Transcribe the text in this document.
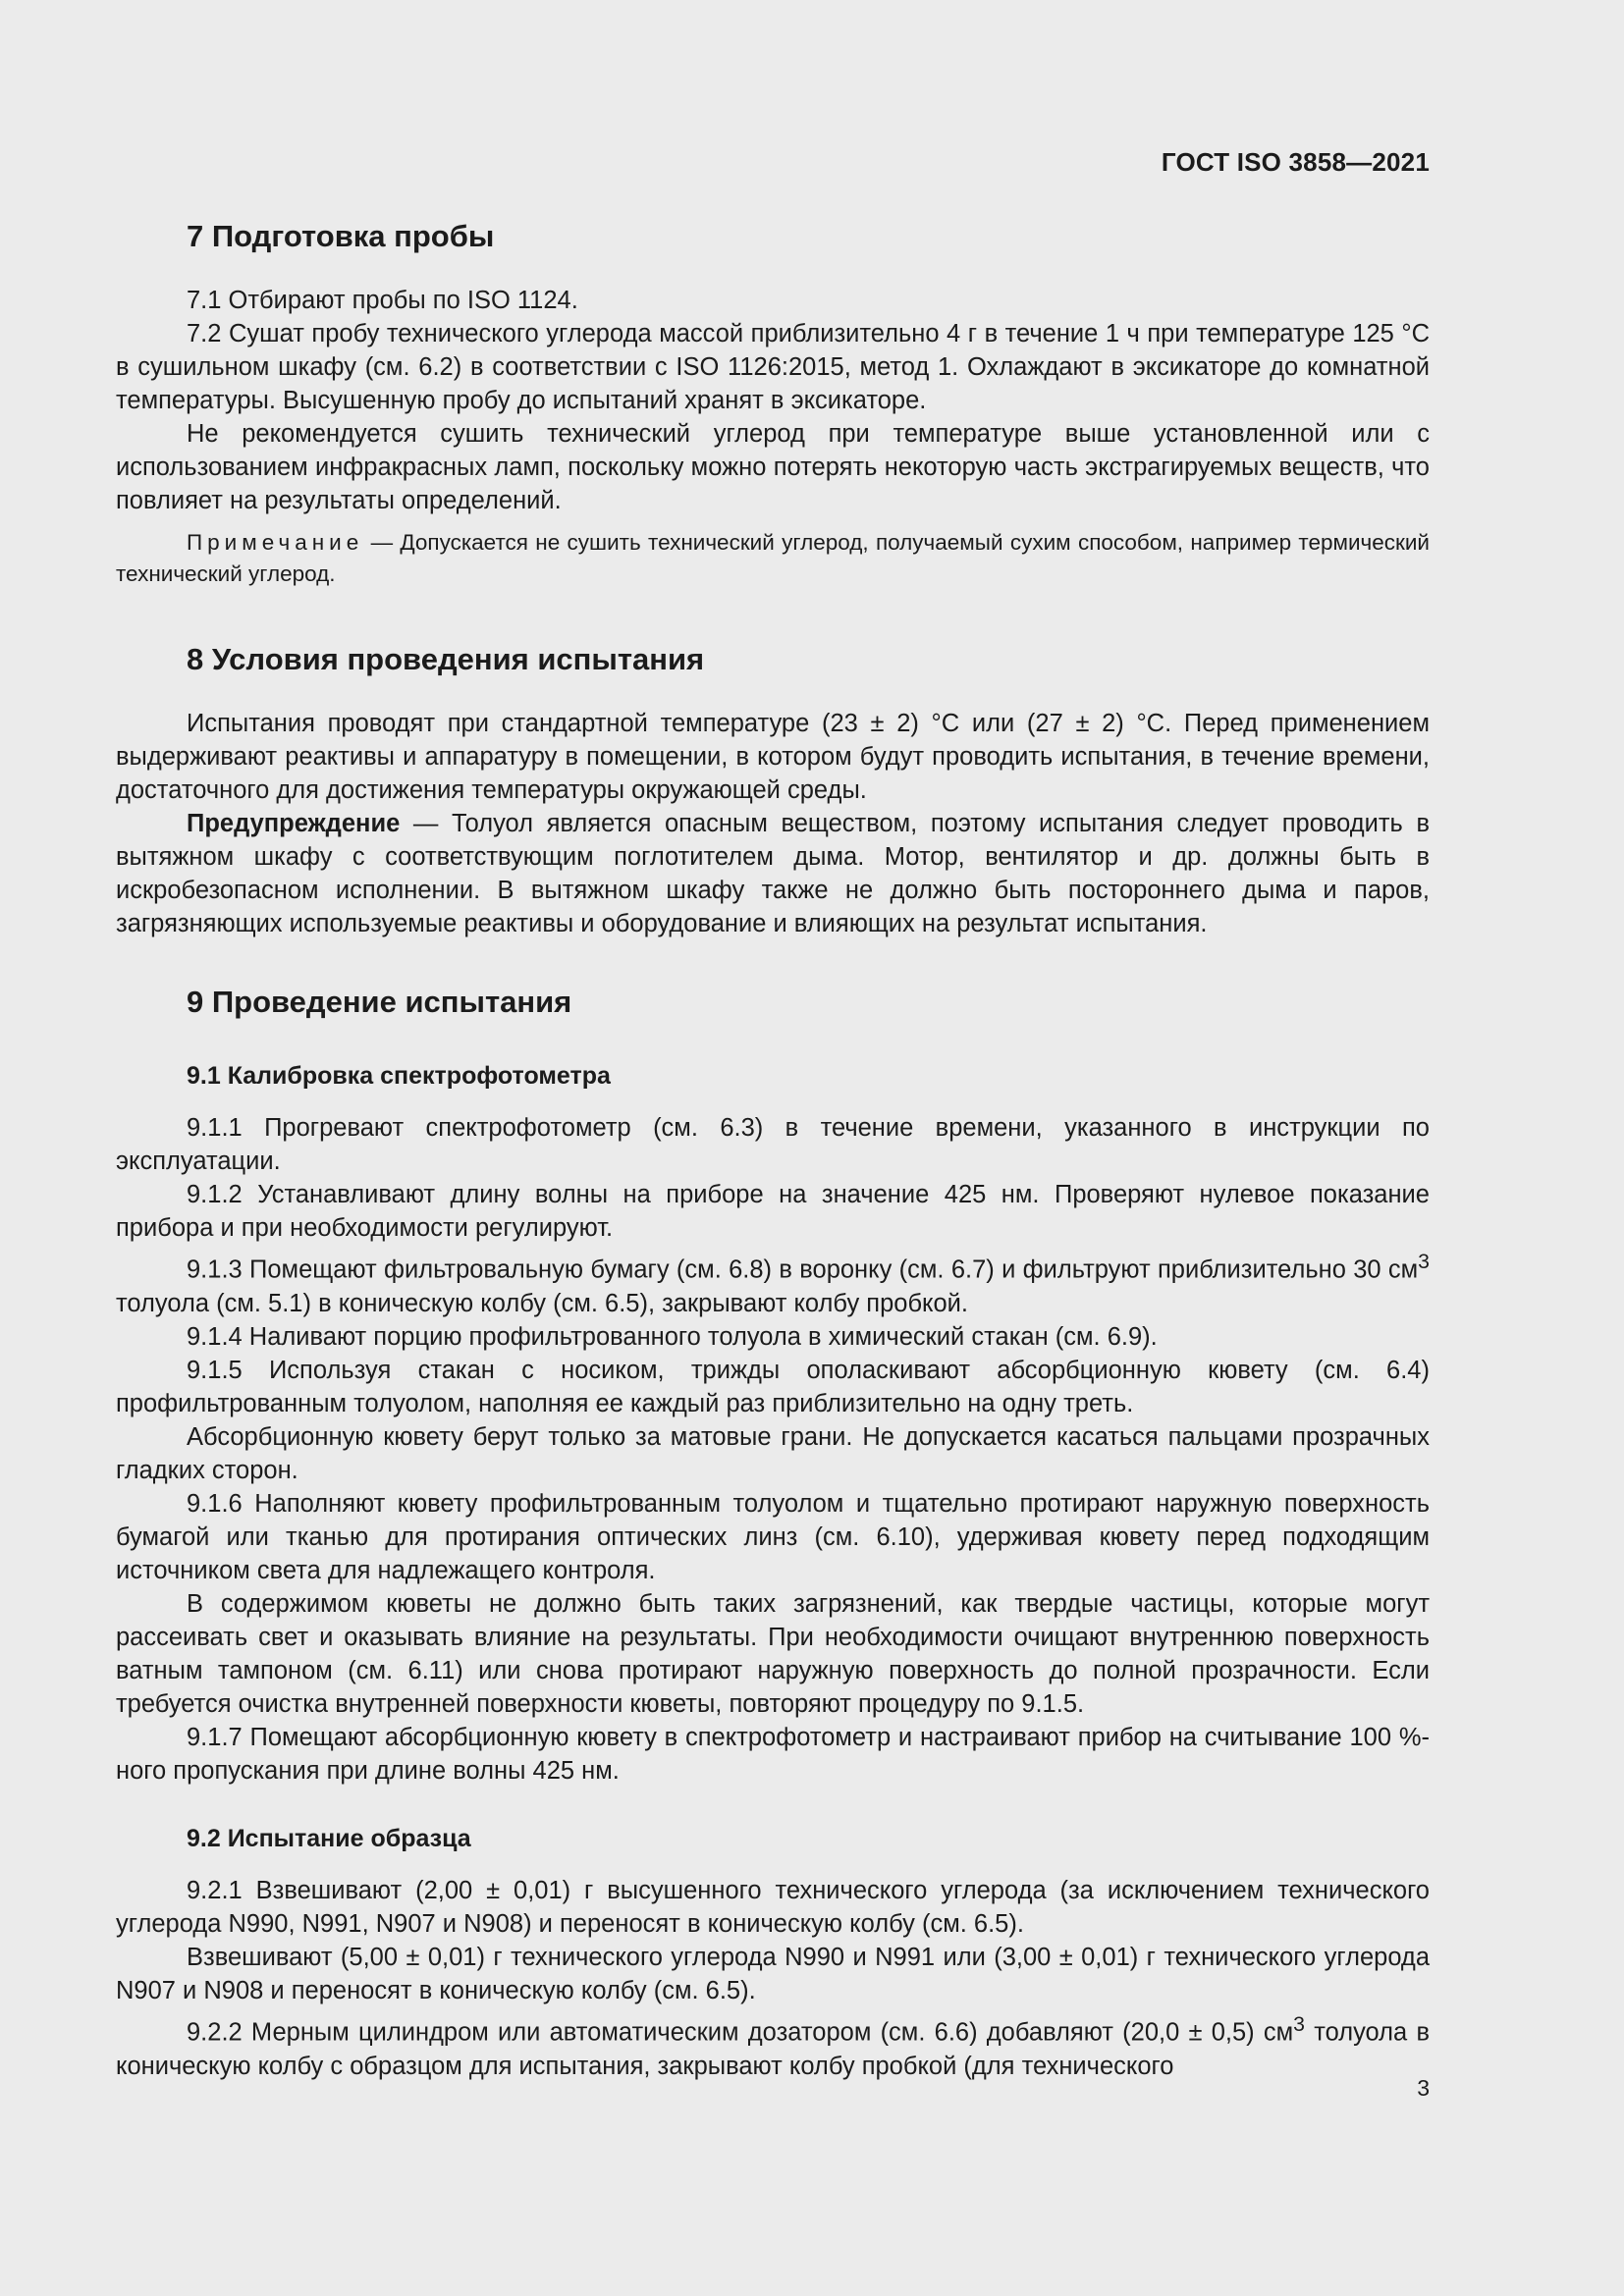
ГОСТ ISO 3858—2021
7 Подготовка пробы

7.1 Отбирают пробы по ISO 1124.

7.2 Сушат пробу технического углерода массой приблизительно 4 г в течение 1 ч при температуре 125 °C в сушильном шкафу (см. 6.2) в соответствии с ISO 1126:2015, метод 1. Охлаждают в эксикаторе до комнатной температуры. Высушенную пробу до испытаний хранят в эксикаторе.

Не рекомендуется сушить технический углерод при температуре выше установленной или с использованием инфракрасных ламп, поскольку можно потерять некоторую часть экстрагируемых веществ, что повлияет на результаты определений.

Примечание — Допускается не сушить технический углерод, получаемый сухим способом, например термический технический углерод.

8 Условия проведения испытания

Испытания проводят при стандартной температуре (23 ± 2) °C или (27 ± 2) °C. Перед применением выдерживают реактивы и аппаратуру в помещении, в котором будут проводить испытания, в течение времени, достаточного для достижения температуры окружающей среды.

Предупреждение — Толуол является опасным веществом, поэтому испытания следует проводить в вытяжном шкафу с соответствующим поглотителем дыма. Мотор, вентилятор и др. должны быть в искробезопасном исполнении. В вытяжном шкафу также не должно быть постороннего дыма и паров, загрязняющих используемые реактивы и оборудование и влияющих на результат испытания.

9 Проведение испытания
9.1 Калибровка спектрофотометра

9.1.1 Прогревают спектрофотометр (см. 6.3) в течение времени, указанного в инструкции по эксплуатации.

9.1.2 Устанавливают длину волны на приборе на значение 425 нм. Проверяют нулевое показание прибора и при необходимости регулируют.

9.1.3 Помещают фильтровальную бумагу (см. 6.8) в воронку (см. 6.7) и фильтруют приблизительно 30 $см^3$ толуола (см. 5.1) в коническую колбу (см. 6.5), закрывают колбу пробкой.

9.1.4 Наливают порцию профильтрованного толуола в химический стакан (см. 6.9).

9.1.5 Используя стакан с носиком, трижды ополаскивают абсорбционную кювету (см. 6.4) профильтрованным толуолом, наполняя ее каждый раз приблизительно на одну треть.

Абсорбционную кювету берут только за матовые грани. Не допускается касаться пальцами прозрачных гладких сторон.

9.1.6 Наполняют кювету профильтрованным толуолом и тщательно протирают наружную поверхность бумагой или тканью для протирания оптических линз (см. 6.10), удерживая кювету перед подходящим источником света для надлежащего контроля.

В содержимом кюветы не должно быть таких загрязнений, как твердые частицы, которые могут рассеивать свет и оказывать влияние на результаты. При необходимости очищают внутреннюю поверхность ватным тампоном (см. 6.11) или снова протирают наружную поверхность до полной прозрачности. Если требуется очистка внутренней поверхности кюветы, повторяют процедуру по 9.1.5.

9.1.7 Помещают абсорбционную кювету в спектрофотометр и настраивают прибор на считывание 100 %-ного пропускания при длине волны 425 нм.

9.2 Испытание образца

9.2.1 Взвешивают (2,00 ± 0,01) г высушенного технического углерода (за исключением технического углерода N990, N991, N907 и N908) и переносят в коническую колбу (см. 6.5).

Взвешивают (5,00 ± 0,01) г технического углерода N990 и N991 или (3,00 ± 0,01) г технического углерода N907 и N908 и переносят в коническую колбу (см. 6.5).

9.2.2 Мерным цилиндром или автоматическим дозатором (см. 6.6) добавляют (20,0 ± 0,5) $см^3$ толуола в коническую колбу с образцом для испытания, закрывают колбу пробкой (для технического

3
